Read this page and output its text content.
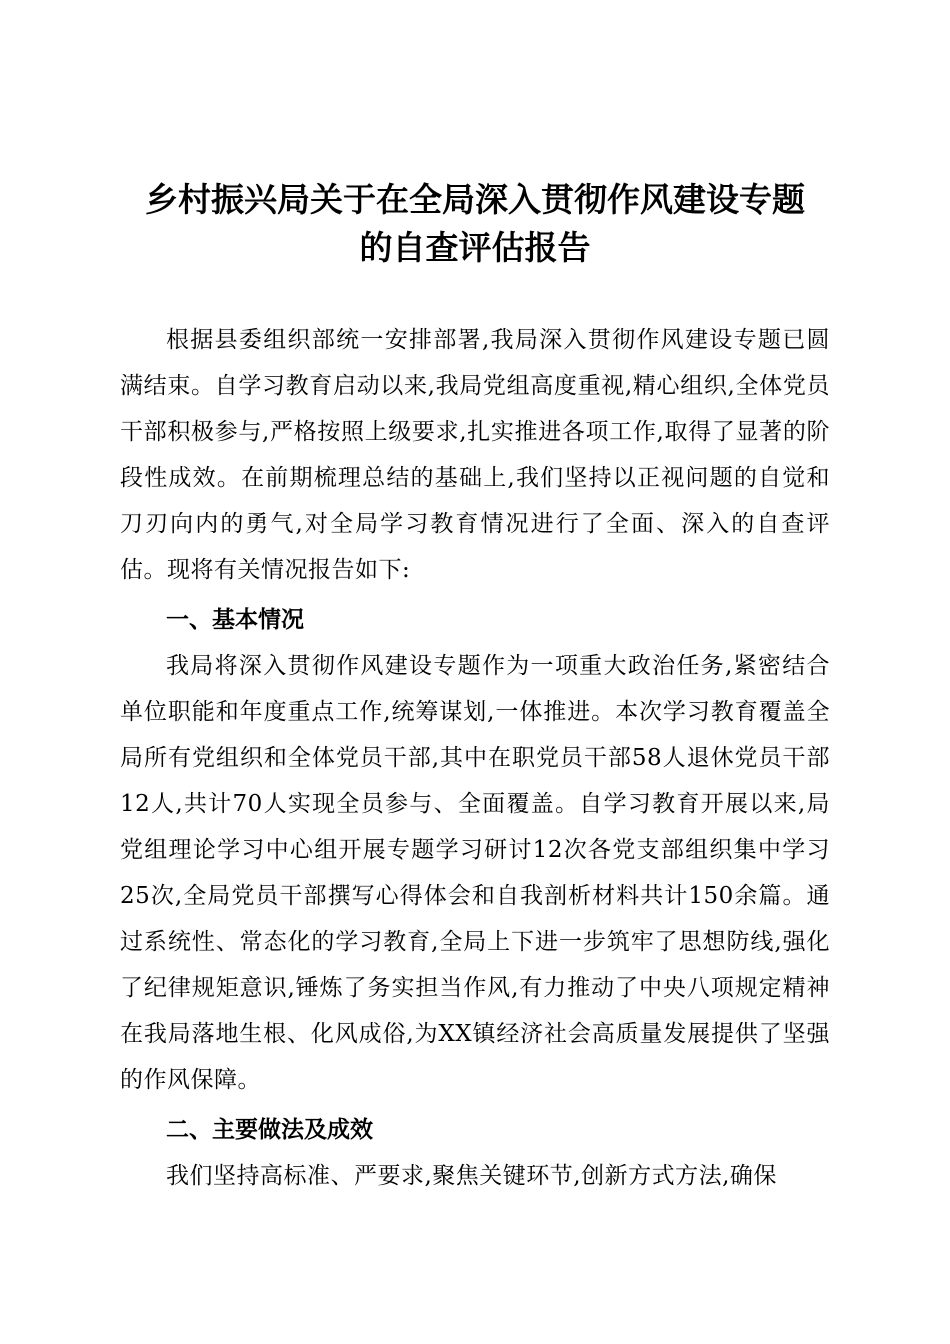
乡村振兴局关于在全局深入贯彻作风建设专题
的自查评估报告

根据县委组织部统一安排部署,我局深入贯彻作风建设专题已圆满结束。自学习教育启动以来,我局党组高度重视,精心组织,全体党员干部积极参与,严格按照上级要求,扎实推进各项工作,取得了显著的阶段性成效。在前期梳理总结的基础上,我们坚持以正视问题的自觉和刀刃向内的勇气,对全局学习教育情况进行了全面、深入的自查评估。现将有关情况报告如下:

一、基本情况

我局将深入贯彻作风建设专题作为一项重大政治任务,紧密结合单位职能和年度重点工作,统筹谋划,一体推进。本次学习教育覆盖全局所有党组织和全体党员干部,其中在职党员干部58人退休党员干部12人,共计70人实现全员参与、全面覆盖。自学习教育开展以来,局党组理论学习中心组开展专题学习研讨12次各党支部组织集中学习25次,全局党员干部撰写心得体会和自我剖析材料共计150余篇。通过系统性、常态化的学习教育,全局上下进一步筑牢了思想防线,强化了纪律规矩意识,锤炼了务实担当作风,有力推动了中央八项规定精神在我局落地生根、化风成俗,为XX镇经济社会高质量发展提供了坚强的作风保障。

二、主要做法及成效

我们坚持高标准、严要求,聚焦关键环节,创新方式方法,确保
